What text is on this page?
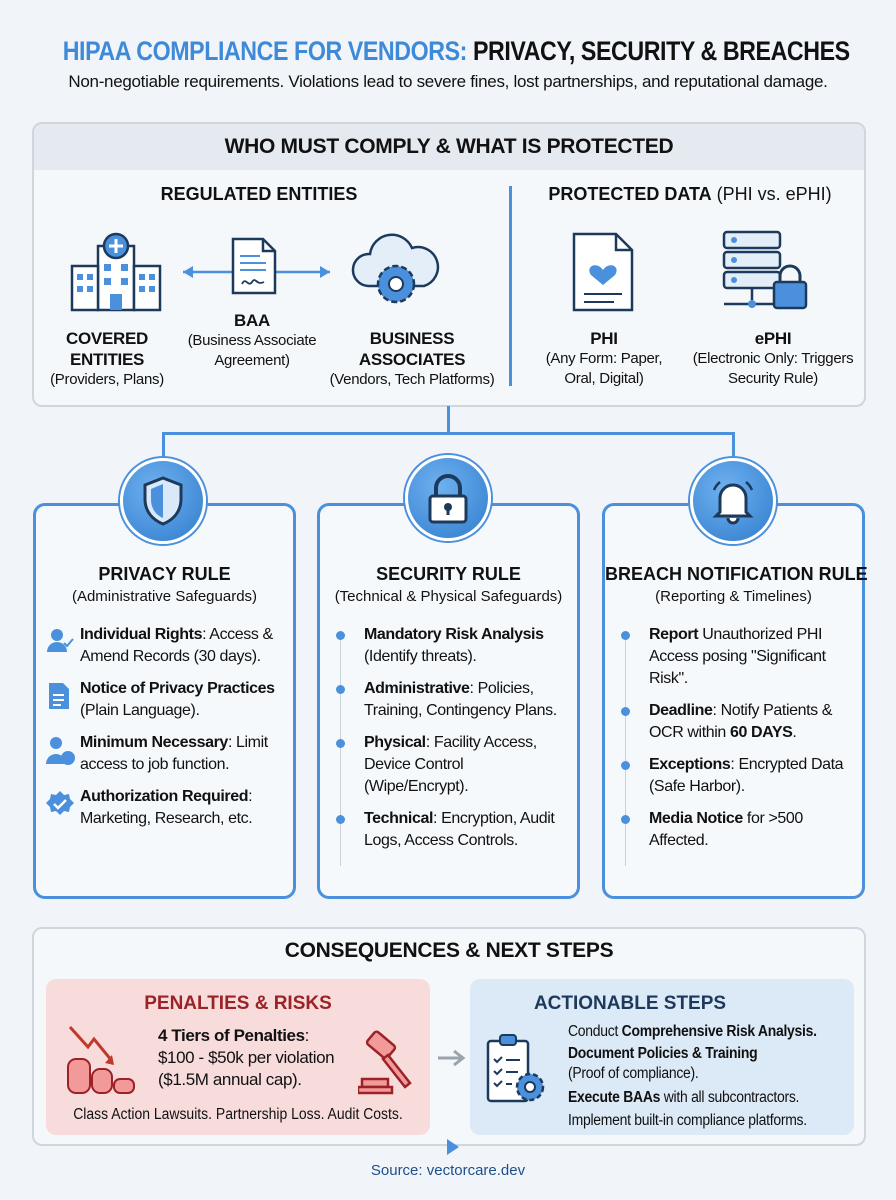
HIPAA COMPLIANCE FOR VENDORS: PRIVACY, SECURITY & BREACHES
Non-negotiable requirements. Violations lead to severe fines, lost partnerships, and reputational damage.
WHO MUST COMPLY & WHAT IS PROTECTED
REGULATED ENTITIES
COVERED ENTITIES
(Providers, Plans)
BAA
(Business Associate Agreement)
BUSINESS ASSOCIATES
(Vendors, Tech Platforms)
PROTECTED DATA (PHI vs. ePHI)
PHI
(Any Form: Paper, Oral, Digital)
ePHI
(Electronic Only: Triggers Security Rule)
PRIVACY RULE
(Administrative Safeguards)
Individual Rights: Access & Amend Records (30 days).
Notice of Privacy Practices (Plain Language).
Minimum Necessary: Limit access to job function.
Authorization Required: Marketing, Research, etc.
SECURITY RULE
(Technical & Physical Safeguards)
Mandatory Risk Analysis (Identify threats).
Administrative: Policies, Training, Contingency Plans.
Physical: Facility Access, Device Control (Wipe/Encrypt).
Technical: Encryption, Audit Logs, Access Controls.
BREACH NOTIFICATION RULE
(Reporting & Timelines)
Report Unauthorized PHI Access posing "Significant Risk".
Deadline: Notify Patients & OCR within 60 DAYS.
Exceptions: Encrypted Data (Safe Harbor).
Media Notice for >500 Affected.
CONSEQUENCES & NEXT STEPS
PENALTIES & RISKS
4 Tiers of Penalties:
$100 - $50k per violation
($1.5M annual cap).
Class Action Lawsuits. Partnership Loss. Audit Costs.
ACTIONABLE STEPS
Conduct Comprehensive Risk Analysis.
Document Policies & Training
(Proof of compliance).
Execute BAAs with all subcontractors.
Implement built-in compliance platforms.
Source: vectorcare.dev
